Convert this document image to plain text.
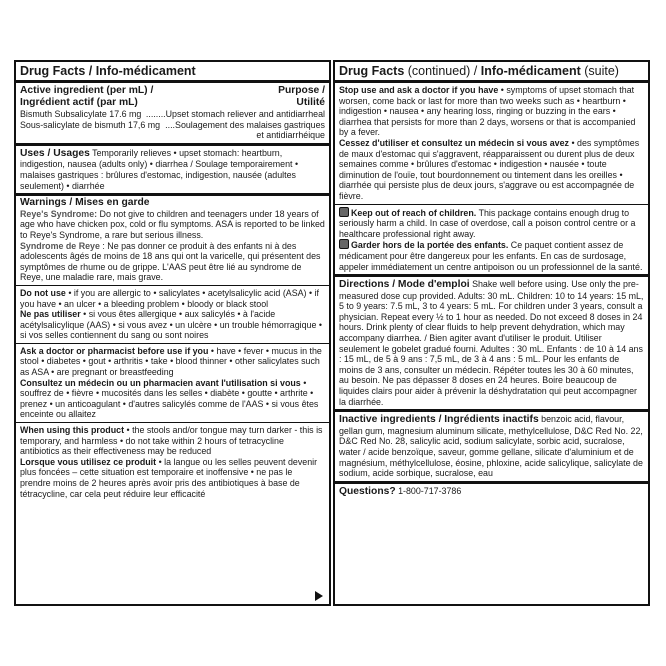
Drug Facts / Info-médicament
Active ingredient (per mL) /	Purpose /
Ingrédient actif (par mL)	Utilité
Bismuth Subsalicylate 17.6 mg ........Upset stomach reliever and antidiarrheal
Sous-salicylate de bismuth 17,6 mg ....Soulagement des malaises gastriques
et antidiarrhéique

Uses / Usages Temporarily relieves • upset stomach: heartburn, indigestion, nausea (adults only) • diarrhea / Soulage temporairement • malaises gastriques : brûlures d'estomac, indigestion, nausée (adultes seulement) • diarrhée

Warnings / Mises en garde

Reye's Syndrome: Do not give to children and teenagers under 18 years of age who have chicken pox, cold or flu symptoms. ASA is reported to be linked to Reye's Syndrome, a rare but serious illness.

Syndrome de Reye : Ne pas donner ce produit à des enfants ni à des adolescents âgés de moins de 18 ans qui ont la varicelle, qui présentent des symptômes de rhume ou de grippe. L'AAS peut être lié au syndrome de Reye, une maladie rare, mais grave.

Do not use • if you are allergic to • salicylates • acetylsalicylic acid (ASA) • if you have • an ulcer • a bleeding problem • bloody or black stool

Ne pas utiliser • si vous êtes allergique • aux salicylés • à l'acide acétylsalicylique (AAS) • si vous avez • un ulcère • un trouble hémorragique • si vos selles contiennent du sang ou sont noires

Ask a doctor or pharmacist before use if you • have • fever • mucus in the stool • diabetes • gout • arthritis • take • blood thinner • other salicylates such as ASA • are pregnant or breastfeeding

Consultez un médecin ou un pharmacien avant l'utilisation si vous • souffrez de • fièvre • mucosités dans les selles • diabète • goutte • arthrite • prenez • un anticoagulant • d'autres salicylés comme de l'AAS • si vous êtes enceinte ou allaitez

When using this product • the stools and/or tongue may turn darker - this is temporary, and harmless • do not take within 2 hours of tetracycline antibiotics as their effectiveness may be reduced

Lorsque vous utilisez ce produit • la langue ou les selles peuvent devenir plus foncées – cette situation est temporaire et inoffensive • ne pas le prendre moins de 2 heures après avoir pris des antibiotiques à base de tétracycline, car cela peut réduire leur efficacité

Drug Facts (continued) / Info-médicament (suite)

Stop use and ask a doctor if you have • symptoms of upset stomach that worsen, come back or last for more than two weeks such as • heartburn • indigestion • nausea • any hearing loss, ringing or buzzing in the ears • diarrhea that persists for more than 2 days, worsens or that is accompanied by a fever.

Cessez d'utiliser et consultez un médecin si vous avez • des symptômes de maux d'estomac qui s'aggravent, réapparaissent ou durent plus de deux semaines comme • brûlures d'estomac • indigestion • nausée • toute diminution de l'ouïe, tout bourdonnement ou tintement dans les oreilles • diarrhée qui persiste plus de deux jours, s'aggrave ou est accompagnée de fièvre.

Keep out of reach of children. This package contains enough drug to seriously harm a child. In case of overdose, call a poison control centre or a healthcare professional right away.

Garder hors de la portée des enfants. Ce paquet contient assez de médicament pour être dangereux pour les enfants. En cas de surdosage, appeler immédiatement un centre antipoison ou un professionnel de la santé.

Directions / Mode d'emploi Shake well before using. Use only the pre-measured dose cup provided. Adults: 30 mL. Children: 10 to 14 years: 15 mL, 5 to 9 years: 7.5 mL, 3 to 4 years: 5 mL. For children under 3 years, consult a physician. Repeat every ½ to 1 hour as needed. Do not exceed 8 doses in 24 hours. Drink plenty of clear fluids to help prevent dehydration, which may accompany diarrhea. / Bien agiter avant d'utiliser le produit. Utiliser seulement le gobelet gradué fourni. Adultes : 30 mL. Enfants : de 10 à 14 ans : 15 mL, de 5 à 9 ans : 7,5 mL, de 3 à 4 ans : 5 mL. Pour les enfants de moins de 3 ans, consulter un médecin. Répéter toutes les 30 à 60 minutes, au besoin. Ne pas dépasser 8 doses en 24 heures. Boire beaucoup de liquides clairs pour aider à prévenir la déshydratation qui peut accompagner la diarrhée.

Inactive ingredients / Ingrédients inactifs benzoic acid, flavour, gellan gum, magnesium aluminum silicate, methylcellulose, D&C Red No. 22, D&C Red No. 28, salicylic acid, sodium salicylate, sorbic acid, sucralose, water / acide benzoïque, saveur, gomme gellane, silicate d'aluminium et de magnésium, méthylcellulose, éosine, phloxine, acide salicylique, salicylate de sodium, acide sorbique, sucralose, eau

Questions? 1-800-717-3786
